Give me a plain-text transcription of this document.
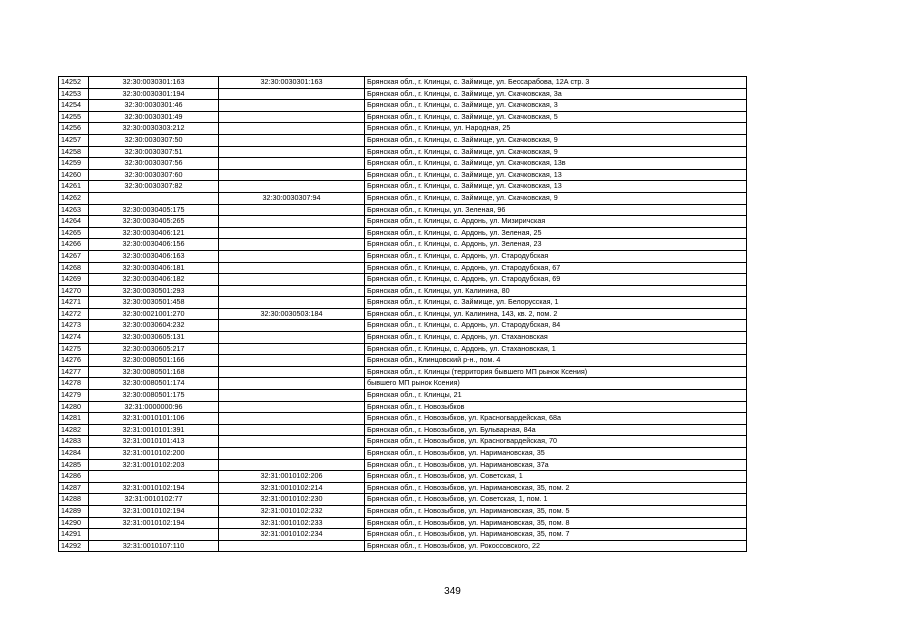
14252	32:30:0030301:163	32:30:0030301:163	Брянская обл., г. Клинцы, с. Займище, ул. Бессарабова, 12А стр. 3
14253	32:30:0030301:194		Брянская обл., г. Клинцы, с. Займище, ул. Скачковская, 3а
14254	32:30:0030301:46		Брянская обл., г. Клинцы, с. Займище, ул. Скачковская, 3
14255	32:30:0030301:49		Брянская обл., г. Клинцы, с. Займище, ул. Скачковская, 5
14256	32:30:0030303:212		Брянская обл., г. Клинцы, ул. Народная, 25
14257	32:30:0030307:50		Брянская обл., г. Клинцы, с. Займище, ул. Скачковская, 9
14258	32:30:0030307:51		Брянская обл., г. Клинцы, с. Займище, ул. Скачковская, 9
14259	32:30:0030307:56		Брянская обл., г. Клинцы, с. Займище, ул. Скачковская, 13в
14260	32:30:0030307:60		Брянская обл., г. Клинцы, с. Займище, ул. Скачковская, 13
14261	32:30:0030307:82		Брянская обл., г. Клинцы, с. Займище, ул. Скачковская, 13
14262		32:30:0030307:94	Брянская обл., г. Клинцы, с. Займище, ул. Скачковская, 9
14263	32:30:0030405:175		Брянская обл., г. Клинцы, ул. Зеленая, 96
14264	32:30:0030405:265		Брянская обл., г. Клинцы, с. Ардонь, ул. Мизиричская
14265	32:30:0030406:121		Брянская обл., г. Клинцы, с. Ардонь, ул. Зеленая, 25
14266	32:30:0030406:156		Брянская обл., г. Клинцы, с. Ардонь, ул. Зеленая, 23
14267	32:30:0030406:163		Брянская обл., г. Клинцы, с. Ардонь, ул. Стародубская
14268	32:30:0030406:181		Брянская обл., г. Клинцы, с. Ардонь, ул. Стародубская, 67
14269	32:30:0030406:182		Брянская обл., г. Клинцы, с. Ардонь, ул. Стародубская, 69
14270	32:30:0030501:293		Брянская обл., г. Клинцы, ул. Калинина, 80
14271	32:30:0030501:458		Брянская обл., г. Клинцы, с. Займище, ул. Белорусская, 1
14272	32:30:0021001:270	32:30:0030503:184	Брянская обл., г. Клинцы, ул. Калинина, 143, кв. 2, пом. 2
14273	32:30:0030604:232		Брянская обл., г. Клинцы, с. Ардонь, ул. Стародубская, 84
14274	32:30:0030605:131		Брянская обл., г. Клинцы, с. Ардонь, ул. Стахановская
14275	32:30:0030605:217		Брянская обл., г. Клинцы, с. Ардонь, ул. Стахановская, 1
14276	32:30:0080501:166		Брянская обл., Клинцовский р-н., пом. 4
14277	32:30:0080501:168		Брянская обл., г. Клинцы (территория бывшего МП рынок Ксения)
14278	32:30:0080501:174		бывшего МП рынок Ксения)
14279	32:30:0080501:175		Брянская обл., г. Клинцы, 21
14280	32:31:0000000:96		Брянская обл., г. Новозыбков
14281	32:31:0010101:106		Брянская обл., г. Новозыбков, ул. Красногвардейская, 68а
14282	32:31:0010101:391		Брянская обл., г. Новозыбков, ул. Бульварная, 84а
14283	32:31:0010101:413		Брянская обл., г. Новозыбков, ул. Красногвардейская, 70
14284	32:31:0010102:200		Брянская обл., г. Новозыбков, ул. Наримановская, 35
14285	32:31:0010102:203		Брянская обл., г. Новозыбков, ул. Наримановская, 37а
14286		32:31:0010102:206	Брянская обл., г. Новозыбков, ул. Советская, 1
14287	32:31:0010102:194	32:31:0010102:214	Брянская обл., г. Новозыбков, ул. Наримановская, 35, пом. 2
14288	32:31:0010102:77	32:31:0010102:230	Брянская обл., г. Новозыбков, ул. Советская, 1, пом. 1
14289	32:31:0010102:194	32:31:0010102:232	Брянская обл., г. Новозыбков, ул. Наримановская, 35, пом. 5
14290	32:31:0010102:194	32:31:0010102:233	Брянская обл., г. Новозыбков, ул. Наримановская, 35, пом. 8
14291		32:31:0010102:234	Брянская обл., г. Новозыбков, ул. Наримановская, 35, пом. 7
14292	32:31:0010107:110		Брянская обл., г. Новозыбков, ул. Рокоссовского, 22
349
